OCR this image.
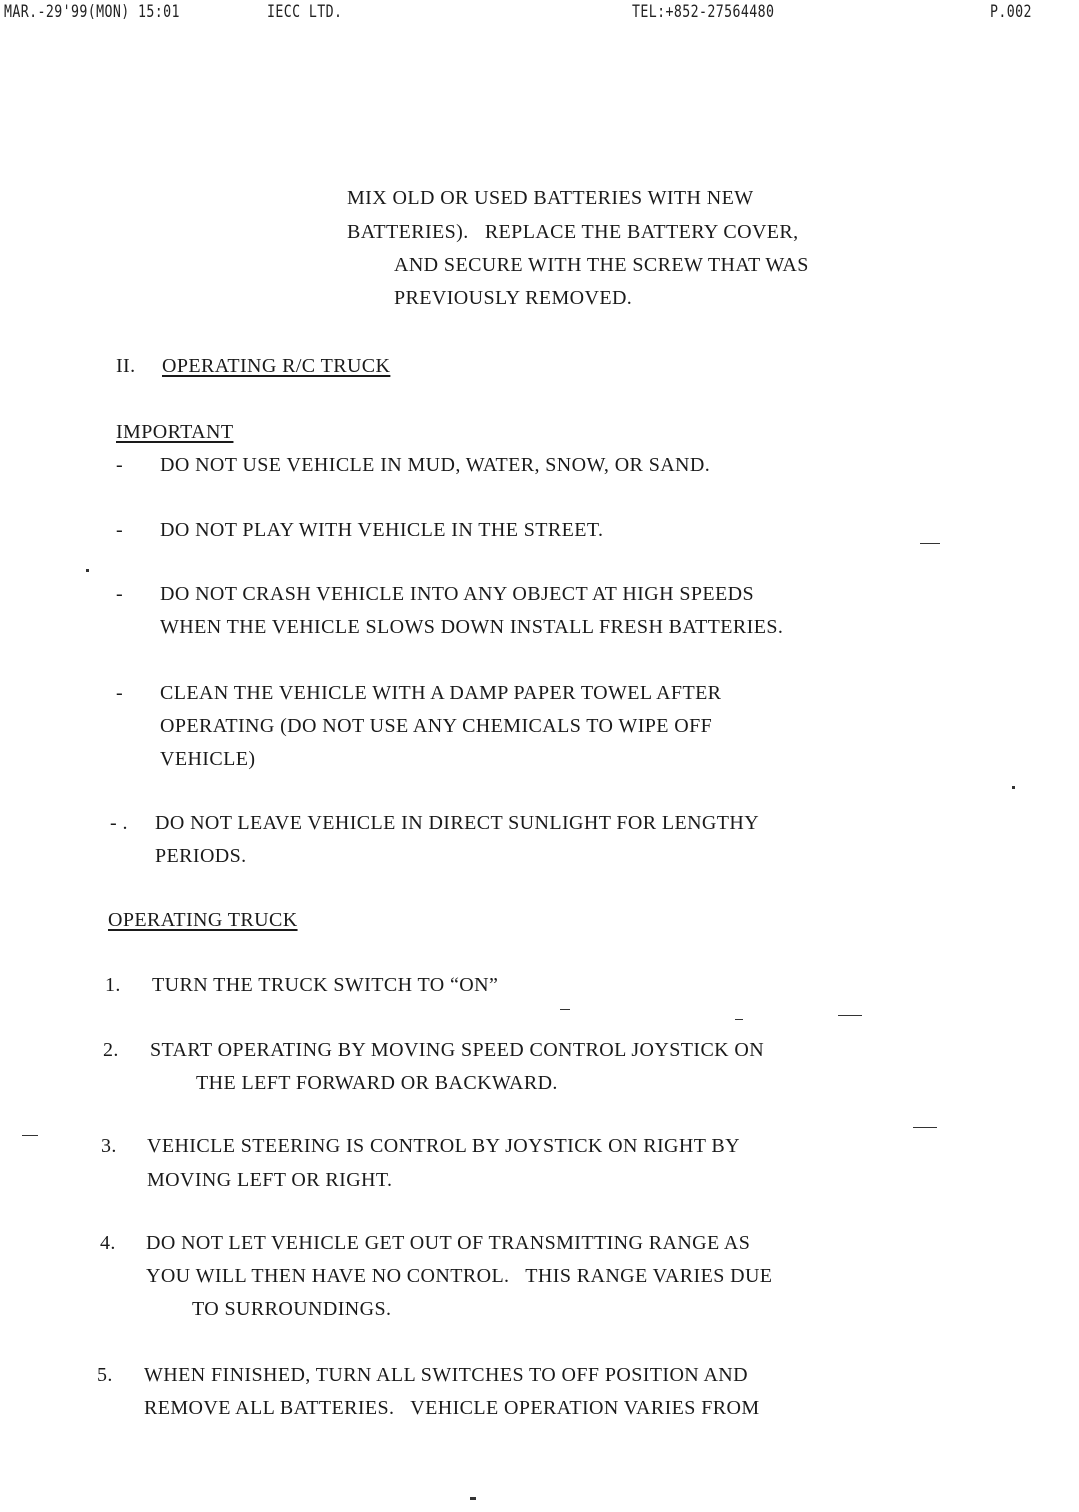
MAR.-29'99(MON) 15:01	IECC LTD.	TEL:+852-27564480	P.002
MIX OLD OR USED BATTERIES WITH NEW
BATTERIES).   REPLACE THE BATTERY COVER,
AND SECURE WITH THE SCREW THAT WAS
PREVIOUSLY REMOVED.
II. OPERATING R/C TRUCK
IMPORTANT
- DO NOT USE VEHICLE IN MUD, WATER, SNOW, OR SAND.
- DO NOT PLAY WITH VEHICLE IN THE STREET.
- DO NOT CRASH VEHICLE INTO ANY OBJECT AT HIGH SPEEDS
WHEN THE VEHICLE SLOWS DOWN INSTALL FRESH BATTERIES.
- CLEAN THE VEHICLE WITH A DAMP PAPER TOWEL AFTER
OPERATING (DO NOT USE ANY CHEMICALS TO WIPE OFF
VEHICLE)
- . DO NOT LEAVE VEHICLE IN DIRECT SUNLIGHT FOR LENGTHY
PERIODS.
OPERATING TRUCK
1. TURN THE TRUCK SWITCH TO “ON”
2. START OPERATING BY MOVING SPEED CONTROL JOYSTICK ON
THE LEFT FORWARD OR BACKWARD.
3. VEHICLE STEERING IS CONTROL BY JOYSTICK ON RIGHT BY
MOVING LEFT OR RIGHT.
4. DO NOT LET VEHICLE GET OUT OF TRANSMITTING RANGE AS
YOU WILL THEN HAVE NO CONTROL.   THIS RANGE VARIES DUE
TO SURROUNDINGS.
5. WHEN FINISHED, TURN ALL SWITCHES TO OFF POSITION AND
REMOVE ALL BATTERIES.   VEHICLE OPERATION VARIES FROM
